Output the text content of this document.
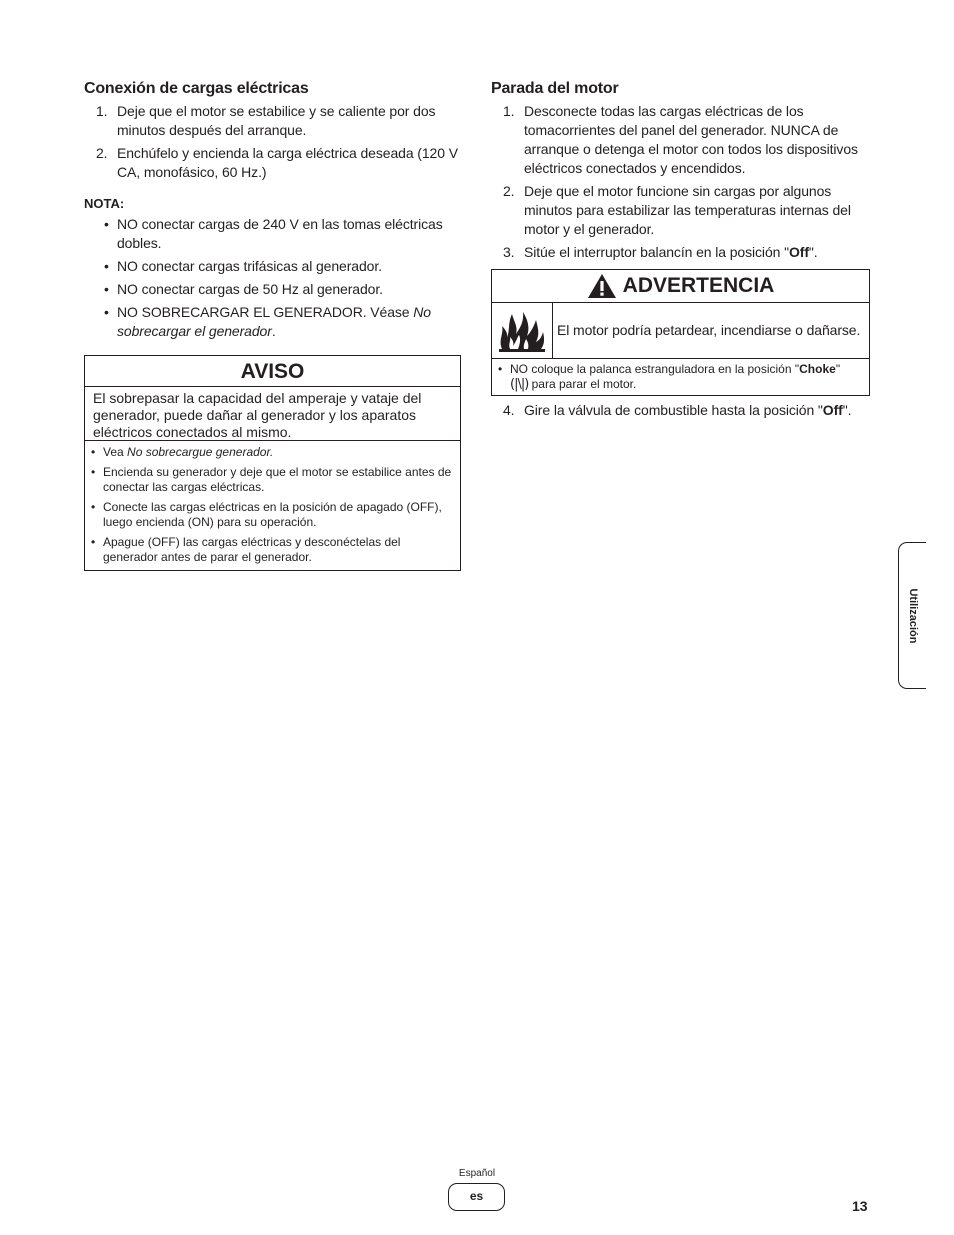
Conexión de cargas eléctricas
1. Deje que el motor se estabilice y se caliente por dos minutos después del arranque.
2. Enchúfelo y encienda la carga eléctrica deseada (120 V CA, monofásico, 60 Hz.)
NOTA:
• NO conectar cargas de 240 V en las tomas eléctricas dobles.
• NO conectar cargas trifásicas al generador.
• NO conectar cargas de 50 Hz al generador.
• NO SOBRECARGAR EL GENERADOR. Véase No sobrecargar el generador.
AVISO
El sobrepasar la capacidad del amperaje y vataje del generador, puede dañar al generador y los aparatos eléctricos conectados al mismo.
• Vea No sobrecargue generador.
• Encienda su generador y deje que el motor se estabilice antes de conectar las cargas eléctricas.
• Conecte las cargas eléctricas en la posición de apagado (OFF), luego encienda (ON) para su operación.
• Apague (OFF) las cargas eléctricas y desconéctelas del generador antes de parar el generador.
Parada del motor
1. Desconecte todas las cargas eléctricas de los tomacorrientes del panel del generador. NUNCA de arranque o detenga el motor con todos los dispositivos eléctricos conectados y encendidos.
2. Deje que el motor funcione sin cargas por algunos minutos para estabilizar las temperaturas internas del motor y el generador.
3. Sitúe el interruptor balancín en la posición "Off".
ADVERTENCIA
El motor podría petardear, incendiarse o dañarse.
• NO coloque la palanca estranguladora en la posición "Choke"
(|\|) para parar el motor.
4. Gire la válvula de combustible hasta la posición "Off".
Utilización
Español
es
13
